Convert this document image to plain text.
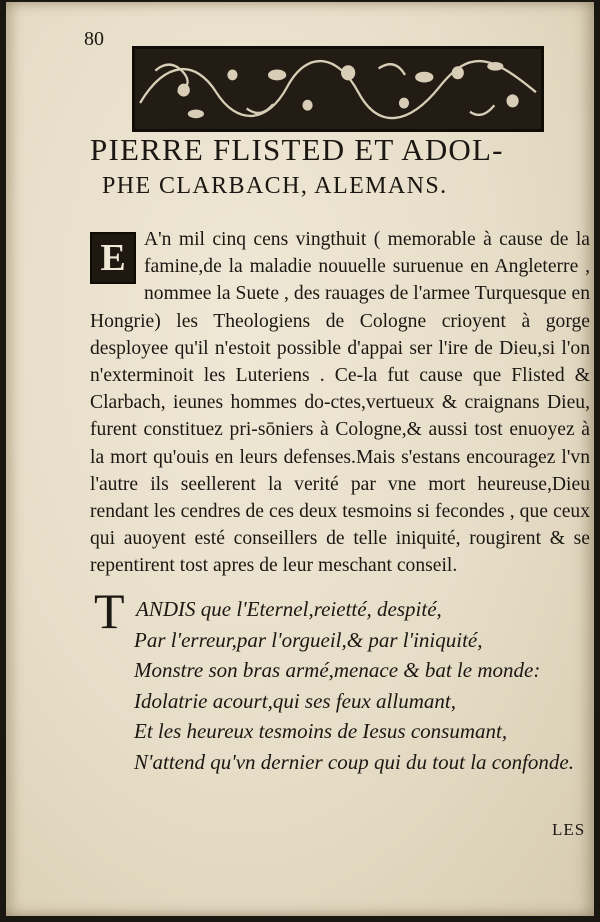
80
PIERRE FLISTED ET ADOL-
PHE CLARBACH, ALEMANS.
E A'n mil cinq cens vingthuit ( memorable à cause de la famine,de la maladie nouuelle suruenue en Angleterre , nommee la Suete , des rauages de l'armee Turquesque en Hongrie) les Theologiens de Cologne crioyent à gorge desployee qu'il n'estoit possible d'appai ser l'ire de Dieu,si l'on n'exterminoit les Luteriens . Ce-la fut cause que Flisted & Clarbach, ieunes hommes do-ctes,vertueux & craignans Dieu, furent constituez pri-sōniers à Cologne,& aussi tost enuoyez à la mort qu'ouis en leurs defenses.Mais s'estans encouragez l'vn l'autre ils seellerent la verité par vne mort heureuse,Dieu rendant les cendres de ces deux tesmoins si fecondes , que ceux qui auoyent esté conseillers de telle iniquité, rougirent & se repentirent tost apres de leur meschant conseil.
T ANDIS que l'Eternel,reietté, despité,
Par l'erreur,par l'orgueil,& par l'iniquité,
Monstre son bras armé,menace & bat le monde:
Idolatrie acourt,qui ses feux allumant,
Et les heureux tesmoins de Iesus consumant,
N'attend qu'vn dernier coup qui du tout la confonde.
LES
